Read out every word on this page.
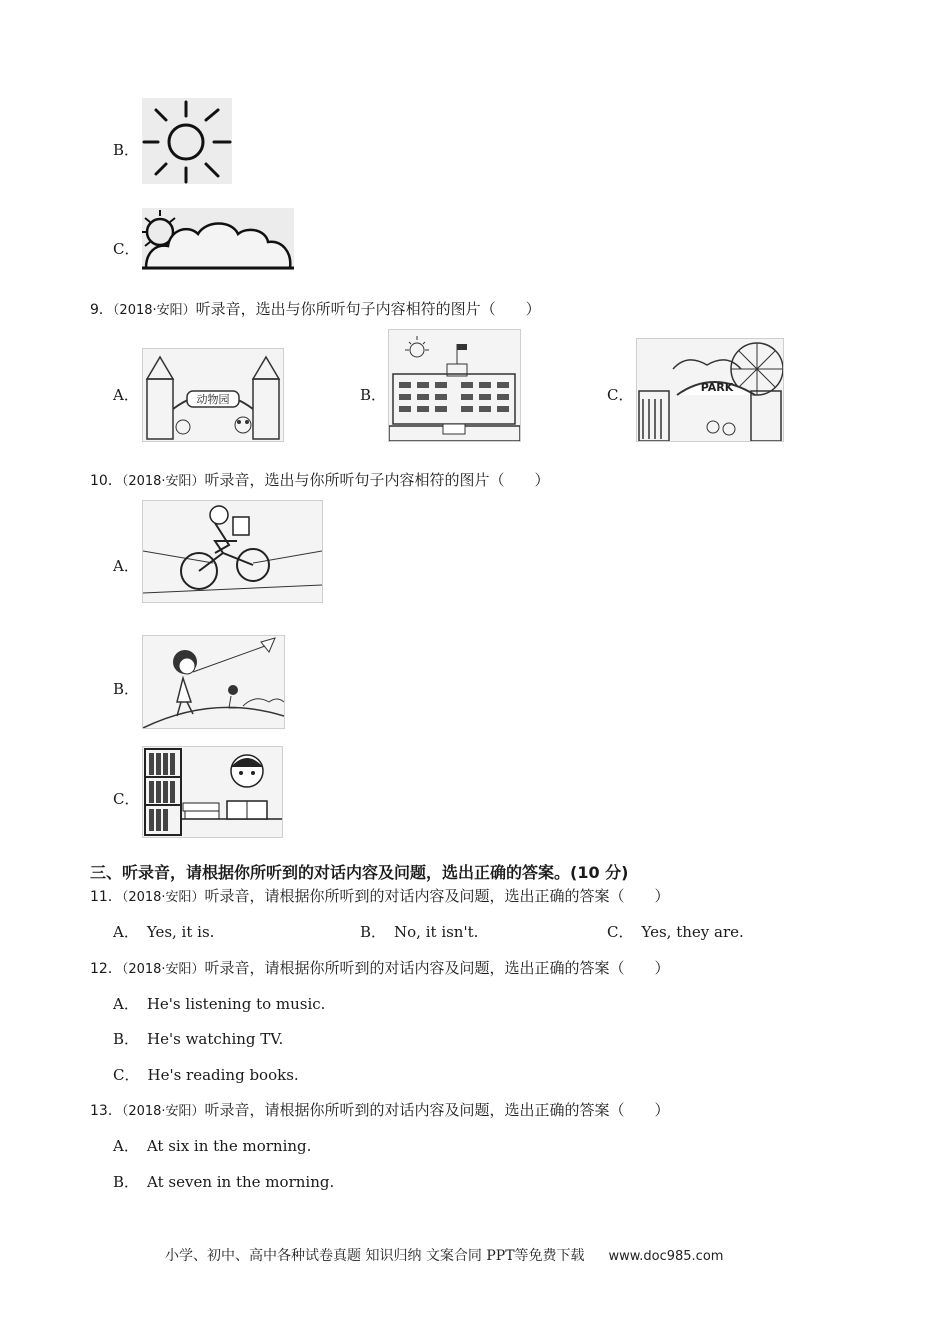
B．
C．
9．（2018·安阳）听录音，选出与你所听句子内容相符的图片（　　）
A．	动物园	B．	C．	PARK
10．（2018·安阳）听录音，选出与你所听句子内容相符的图片（　　）
A．
B．
C．
三、听录音，请根据你所听到的对话内容及问题，选出正确的答案。(10 分)
11．（2018·安阳）听录音，请根据你所听到的对话内容及问题，选出正确的答案（　　）
A． Yes, it is.	B． No, it isn't.	C． Yes, they are.
12．（2018·安阳）听录音，请根据你所听到的对话内容及问题，选出正确的答案（　　）
A． He's listening to music.
B． He's watching TV.
C． He's reading books.
13．（2018·安阳）听录音，请根据你所听到的对话内容及问题，选出正确的答案（　　）
A． At six in the morning.
B． At seven in the morning.
小学、初中、高中各种试卷真题 知识归纳 文案合同 PPT等免费下载 www.doc985.com
